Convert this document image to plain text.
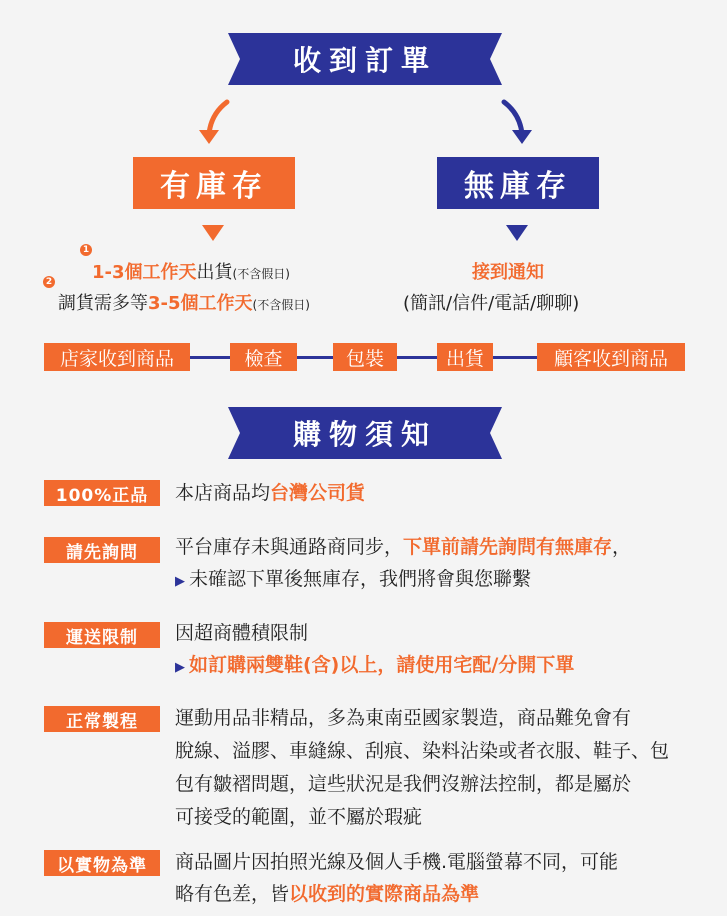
收到訂單
有庫存	無庫存
1
1-3個工作天出貨(不含假日)
2
調貨需多等3-5個工作天(不含假日)
接到通知
(簡訊/信件/電話/聊聊)
店家收到商品	檢查	包裝	出貨	顧客收到商品
購物須知
100%正品	本店商品均台灣公司貨
請先詢問	平台庫存未與通路商同步，下單前請先詢問有無庫存，
▶ 未確認下單後無庫存，我們將會與您聯繫
運送限制	因超商體積限制
▶ 如訂購兩雙鞋(含)以上，請使用宅配/分開下單
正常製程	運動用品非精品，多為東南亞國家製造，商品難免會有
脫線、溢膠、車縫線、刮痕、染料沾染或者衣服、鞋子、包
包有皺褶問題，這些狀況是我們沒辦法控制，都是屬於
可接受的範圍，並不屬於瑕疵
以實物為準	商品圖片因拍照光線及個人手機.電腦螢幕不同，可能
略有色差，皆以收到的實際商品為準
